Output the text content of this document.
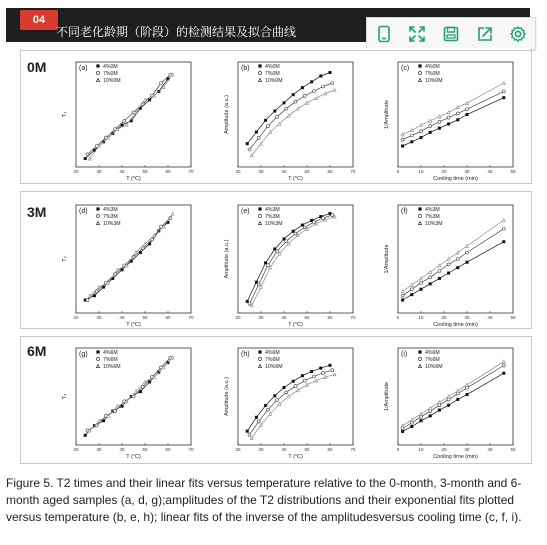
04
不同老化龄期（阶段）的检测结果及拟合曲线
0M
3M
6M
(a)	4%0M
7%0M
10%0M
T (°C)
T₂
20	30	40	50	60	70
(b)	4%0M
7%0M
10%0M
T (°C)
Amplitude (a.u.)
20	30	40	50	60	70
(c)	4%0M
7%0M
10%0M
Cooling time (min)
1/Amplitude
0	10	20	30	40	50
(d)	4%3M
7%3M
10%3M
T (°C)
T₂
20	30	40	50	60	70
(e)	4%3M
7%3M
10%3M
T (°C)
Amplitude (a.u.)
20	30	40	50	60	70
(f)	4%3M
7%3M
10%3M
Cooling time (min)
1/Amplitude
0	10	20	30	40	50
(g)	4%6M
7%6M
10%6M
T (°C)
T₂
20	30	40	50	60	70
(h)	4%6M
7%6M
10%6M
T (°C)
Amplitude (a.u.)
20	30	40	50	60	70
(i)	4%6M
7%6M
10%6M
Cooling time (min)
1/Amplitude
0	10	20	30	40	50
Figure 5. T2 times and their linear fits versus temperature relative to the 0-month, 3-month and 6-month aged samples (a, d, g);amplitudes of the T2 distributions and their exponential fits plotted versus temperature (b, e, h); linear fits of the inverse of the amplitudesversus cooling time (c, f, i).
